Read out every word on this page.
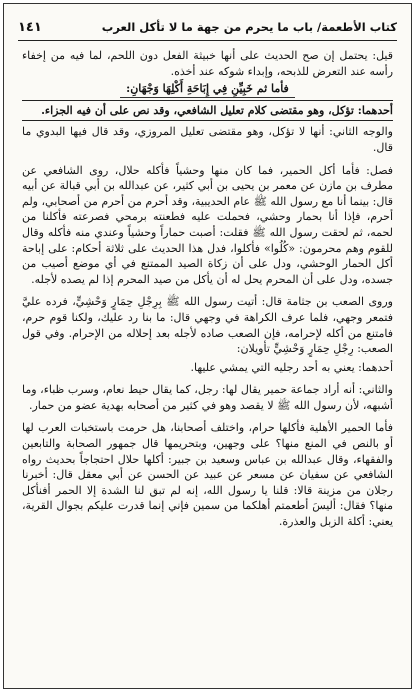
كتاب الأطعمة/ باب ما يحرم من جهة ما لا تأكل العرب
١٤١

قيل: يحتمل إن صح الحديث على أنها خبيثة الفعل دون اللحم، لما فيه من إخفاء رأسه عند التعرض للذبحه، وإبداء شوكه عند أخذه.

فأما ثم خَبِيِّنِ فِي إِبَاحَةِ أَكْلِهَا وَجْهَانِ:

أحدهما: تؤكل، وهو مقتضى كلام تعليل الشافعي، وقد نص على أن فيه الجزاء.

والوجه الثاني: أنها لا تؤكل، وهو مقتضى تعليل المروزي، وقد قال فيها البدوي ما قال.

فصل: فأما أكل الحمير، فما كان منها وحشياً فأكله حلال، روى الشافعي عن مطرف بن مازن عن معمر بن يحيى بن أبي كثير، عن عبدالله بن أبي قبالة عن أبيه قال: بينما أنا مع رسول الله ﷺ عام الحديبية، وقد أحرم من أحرم من أصحابي، ولم أحرم، فإذا أنا بحمار وحشي، فحملت عليه فطعنته برمحي فصرعته فأكلنا من لحمه، ثم لحقت رسول الله ﷺ فقلت: أصبت حماراً وحشياً وعندي منه فأكله وقال للقوم وهم محرمون: «كُلُوا» فأكلوا، فدل هذا الحديث على ثلاثة أحكام: على إباحة أكل الحمار الوحشي، ودل على أن زكاة الصيد الممتنع في أي موضع أصيب من جسده، ودل على أن المحرم يحل له أن يأكل من صيد المحرم إذا لم يصده لأجله.

وروى الصعب بن جثامة قال: أتيت رسول الله ﷺ بِرِجْلِ حِمَارٍ وَحْشِيٍّ، فرده عليَّ فتمعر وجهي، فلما عرف الكراهة في وجهي قال: ما بنا رد عليك، ولكنا قوم حرم، فامتنع من أكله لإحرامه، فإن الصعب صاده لأجله بعد إحلاله من الإحرام. وفي قول الصعب: رِجْلِ حِمَارٍ وَحْشِيٍّ تأويلان:

أحدهما: يعني به أحد رجليه التي يمشي عليها.

والثاني: أنه أراد جماعة حمير يقال لها: رجل، كما يقال حيط نعام، وسرب ظباء، وما أشبهه، لأن رسول الله ﷺ لا يقصد وهو في كثير من أصحابه بهدية عضو من حمار.

فأما الحمير الأهلية فأكلها حرام، واختلف أصحابنا، هل حرمت باستخبات العرب لها أو بالنص في المنع منها؟ على وجهين، وبتحريمها قال جمهور الصحابة والتابعين والفقهاء، وقال عبدالله بن عباس وسعيد بن جبير: أكلها حلال احتجاجاً بحديث رواه الشافعي عن سفيان عن مسعر عن عبيد عن الحسن عن أبي معقل قال: أخبرنا رجلان من مزينة قالا: قلنا يا رسول الله، إنه لم تبق لنا الشدة إلا الحمر أفنأكل منها؟ فقال: أليسَ أطعمتم أهلكما من سمين فإني إنما قدرت عليكم بجوال القرية، يعني: أكلة الزبل والعذرة.
